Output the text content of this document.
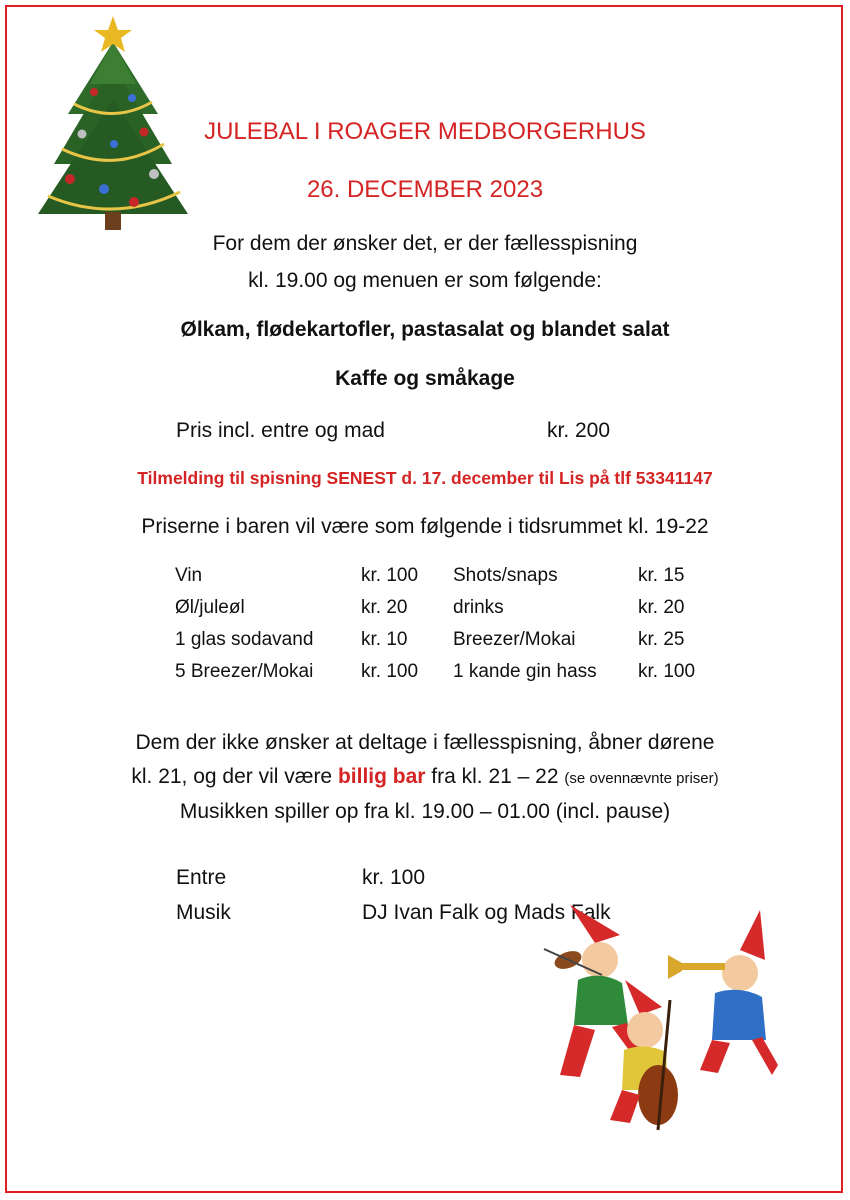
JULEBAL I ROAGER MEDBORGERHUS
26. DECEMBER 2023
For dem der ønsker det, er der fællesspisning
kl. 19.00 og menuen er som følgende:
Ølkam, flødekartofler, pastasalat og blandet salat
Kaffe og småkage
Pris incl. entre og mad	kr. 200
Tilmelding til spisning SENEST d. 17. december til Lis på tlf 53341147
Priserne i baren vil være som følgende i tidsrummet kl. 19-22
Vin	kr. 100 Shots/snaps	kr. 15
Øl/juleøl	kr. 20 drinks	kr. 20
1 glas sodavand	kr. 10 Breezer/Mokai	kr. 25
5 Breezer/Mokai	kr. 100 1 kande gin hass kr. 100
Dem der ikke ønsker at deltage i fællesspisning, åbner dørene
kl. 21, og der vil være billig bar fra kl. 21 – 22 (se ovennævnte priser)
Musikken spiller op fra kl. 19.00 – 01.00 (incl. pause)
Entre	kr. 100
Musik	DJ Ivan Falk og Mads Falk
